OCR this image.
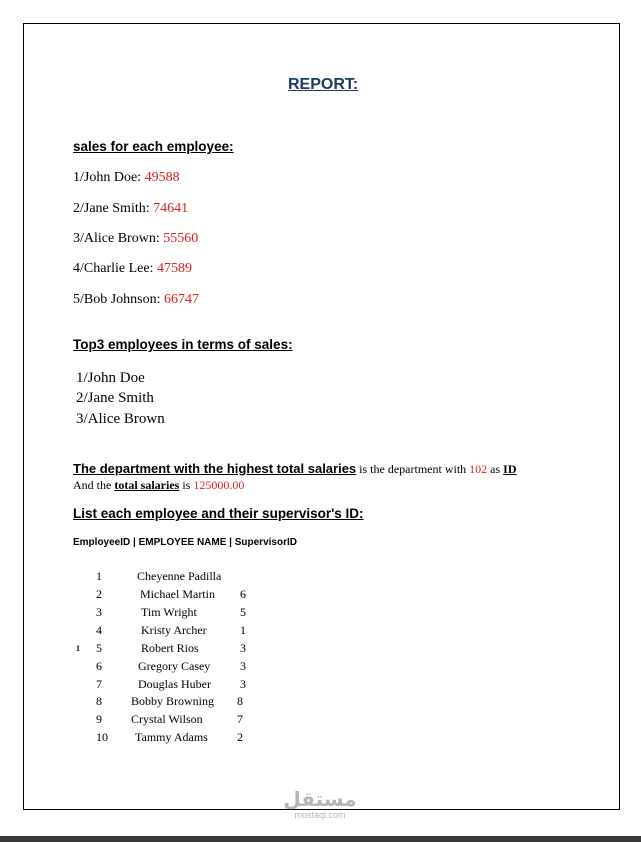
REPORT:
sales for each employee:
1/John Doe: 49588
2/Jane Smith: 74641
3/Alice Brown: 55560
4/Charlie Lee: 47589
5/Bob Johnson: 66747
Top3 employees in terms of sales:
1/John Doe
2/Jane Smith
3/Alice Brown
The department with the highest total salaries is the department with 102 as ID
And the total salaries is 125000.00
List each employee and their supervisor's ID:
EmployeeID | EMPLOYEE NAME | SupervisorID
1
1	Cheyenne Padilla
2	Michael Martin 6
3	Tim Wright	5
4	Kristy Archer	1
5	Robert Rios	3
6	Gregory Casey 3
7	Douglas Huber 3
8 Bobby Browning 8
9 Crystal Wilson	7
10 Tammy Adams 2
مستقل
mostaql.com
